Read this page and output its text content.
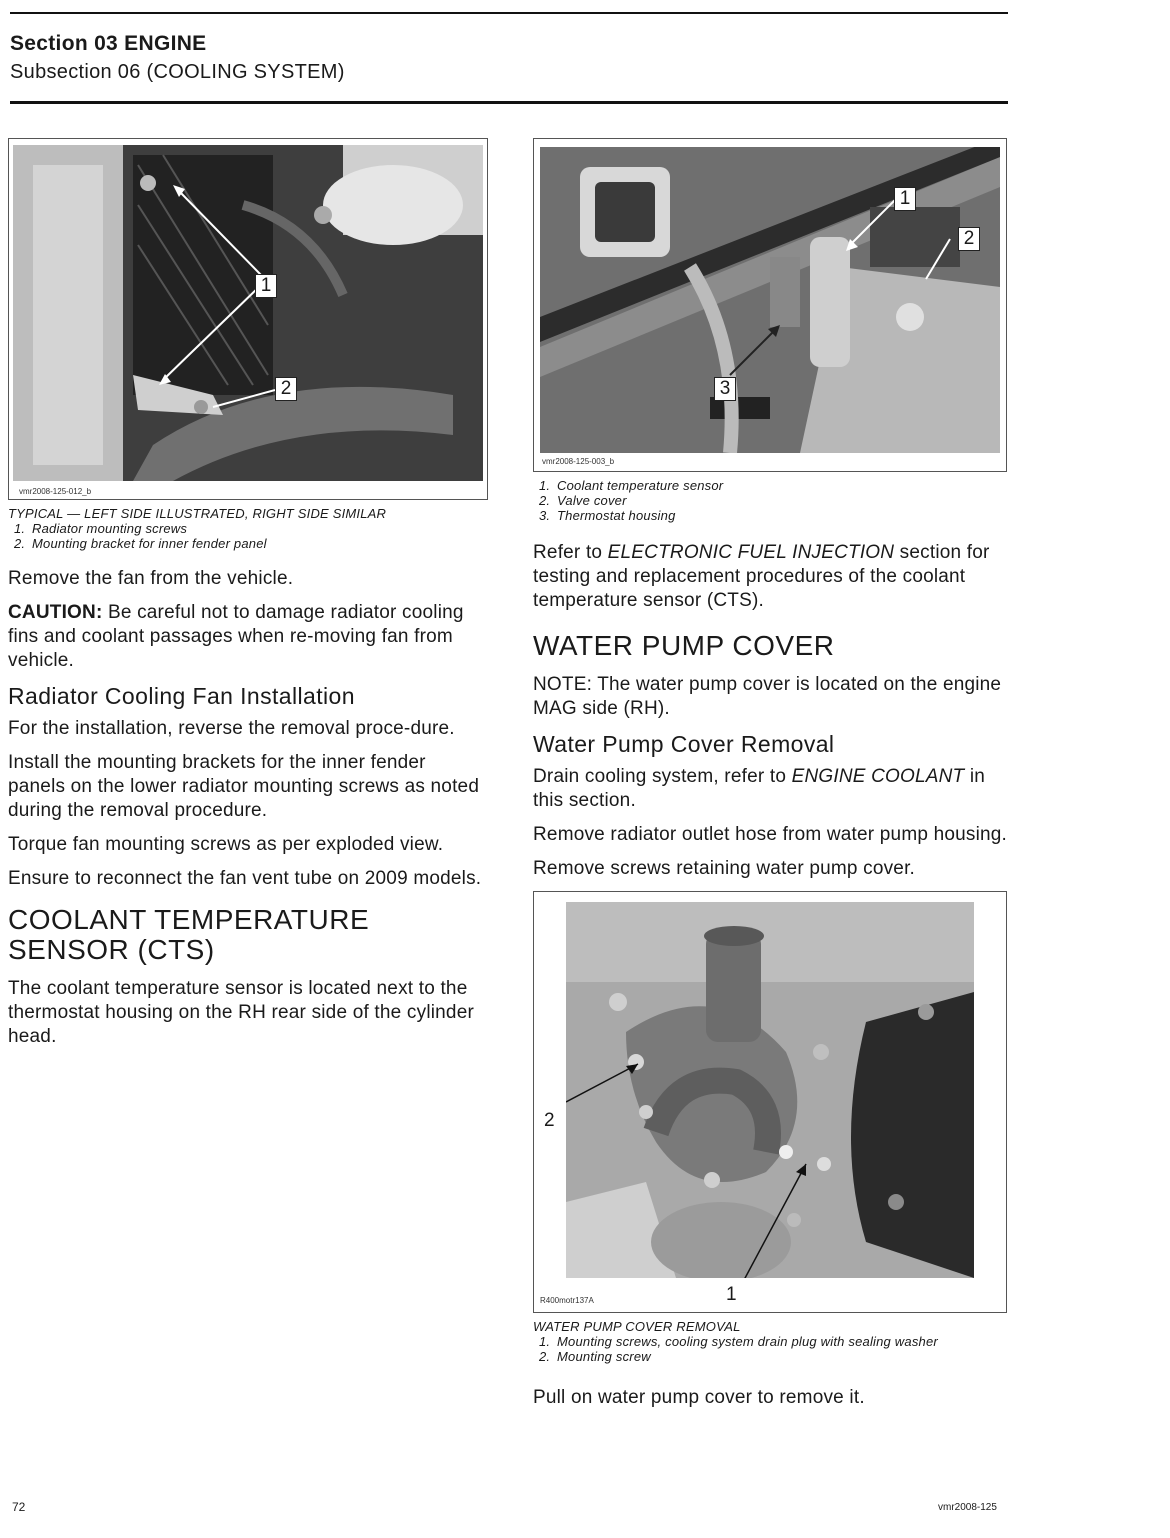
Section 03 ENGINE
Subsection 06 (COOLING SYSTEM)
1
2
vmr2008-125-012_b
TYPICAL — LEFT SIDE ILLUSTRATED, RIGHT SIDE SIMILAR
1. Radiator mounting screws
2. Mounting bracket for inner fender panel

Remove the fan from the vehicle.

CAUTION: Be careful not to damage radiator cooling fins and coolant passages when re-moving fan from vehicle.

Radiator Cooling Fan Installation

For the installation, reverse the removal proce-dure.

Install the mounting brackets for the inner fender panels on the lower radiator mounting screws as noted during the removal procedure.

Torque fan mounting screws as per exploded view.

Ensure to reconnect the fan vent tube on 2009 models.

COOLANT TEMPERATURE SENSOR (CTS)

The coolant temperature sensor is located next to the thermostat housing on the RH rear side of the cylinder head.

1
2
3
vmr2008-125-003_b
1. Coolant temperature sensor
2. Valve cover
3. Thermostat housing

Refer to ELECTRONIC FUEL INJECTION section for testing and replacement procedures of the coolant temperature sensor (CTS).

WATER PUMP COVER

NOTE: The water pump cover is located on the engine MAG side (RH).

Water Pump Cover Removal

Drain cooling system, refer to ENGINE COOLANT in this section.

Remove radiator outlet hose from water pump housing.

Remove screws retaining water pump cover.

2
1
R400motr137A
WATER PUMP COVER REMOVAL
1. Mounting screws, cooling system drain plug with sealing washer
2. Mounting screw

Pull on water pump cover to remove it.

72	vmr2008-125
